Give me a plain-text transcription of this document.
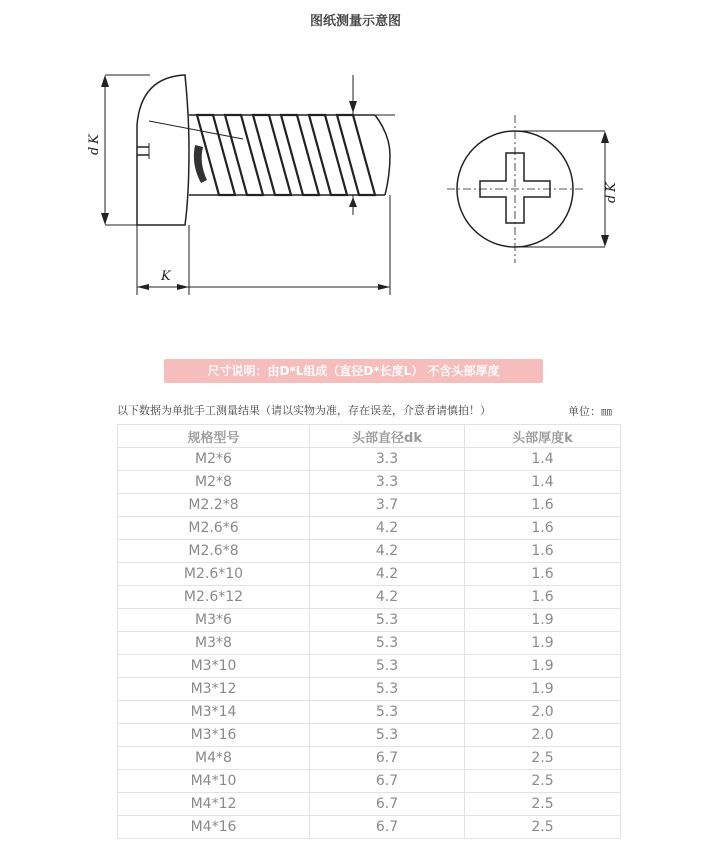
图纸测量示意图
d
K
K
d
K
尺寸说明：由D*L组成（直径D*长度L） 不含头部厚度
以下数据为单批手工测量结果（请以实物为准，存在误差，介意者请慎拍！）	单位：㎜
规格型号	头部直径dk	头部厚度k
M2*6	3.3	1.4
M2*8	3.3	1.4
M2.2*8	3.7	1.6
M2.6*6	4.2	1.6
M2.6*8	4.2	1.6
M2.6*10	4.2	1.6
M2.6*12	4.2	1.6
M3*6	5.3	1.9
M3*8	5.3	1.9
M3*10	5.3	1.9
M3*12	5.3	1.9
M3*14	5.3	2.0
M3*16	5.3	2.0
M4*8	6.7	2.5
M4*10	6.7	2.5
M4*12	6.7	2.5
M4*16	6.7	2.5
